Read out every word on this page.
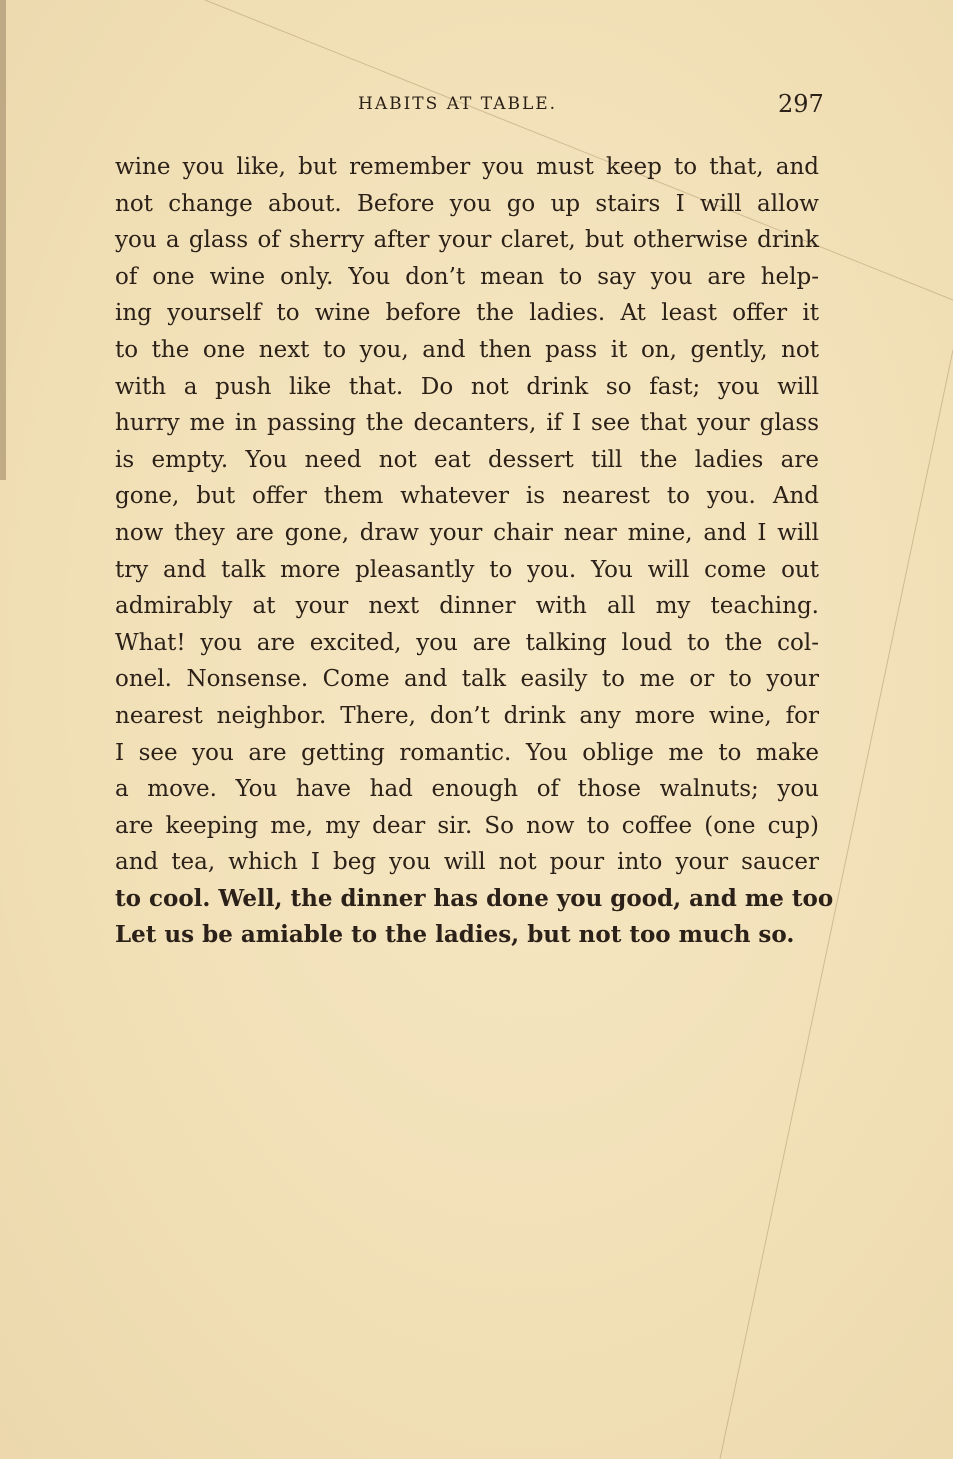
HABITS AT TABLE.	297
wine you like, but remember you must keep to that, and
not change about. Before you go up stairs I will allow
you a glass of sherry after your claret, but otherwise drink
of one wine only. You don’t mean to say you are help-
ing yourself to wine before the ladies. At least offer it
to the one next to you, and then pass it on, gently, not
with a push like that. Do not drink so fast; you will
hurry me in passing the decanters, if I see that your glass
is empty. You need not eat dessert till the ladies are
gone, but offer them whatever is nearest to you. And
now they are gone, draw your chair near mine, and I will
try and talk more pleasantly to you. You will come out
admirably at your next dinner with all my teaching.
What! you are excited, you are talking loud to the col-
onel. Nonsense. Come and talk easily to me or to your
nearest neighbor. There, don’t drink any more wine, for
I see you are getting romantic. You oblige me to make
a move. You have had enough of those walnuts; you
are keeping me, my dear sir. So now to coffee (one cup)
and tea, which I beg you will not pour into your saucer
to cool. Well, the dinner has done you good, and me too
Let us be amiable to the ladies, but not too much so.
